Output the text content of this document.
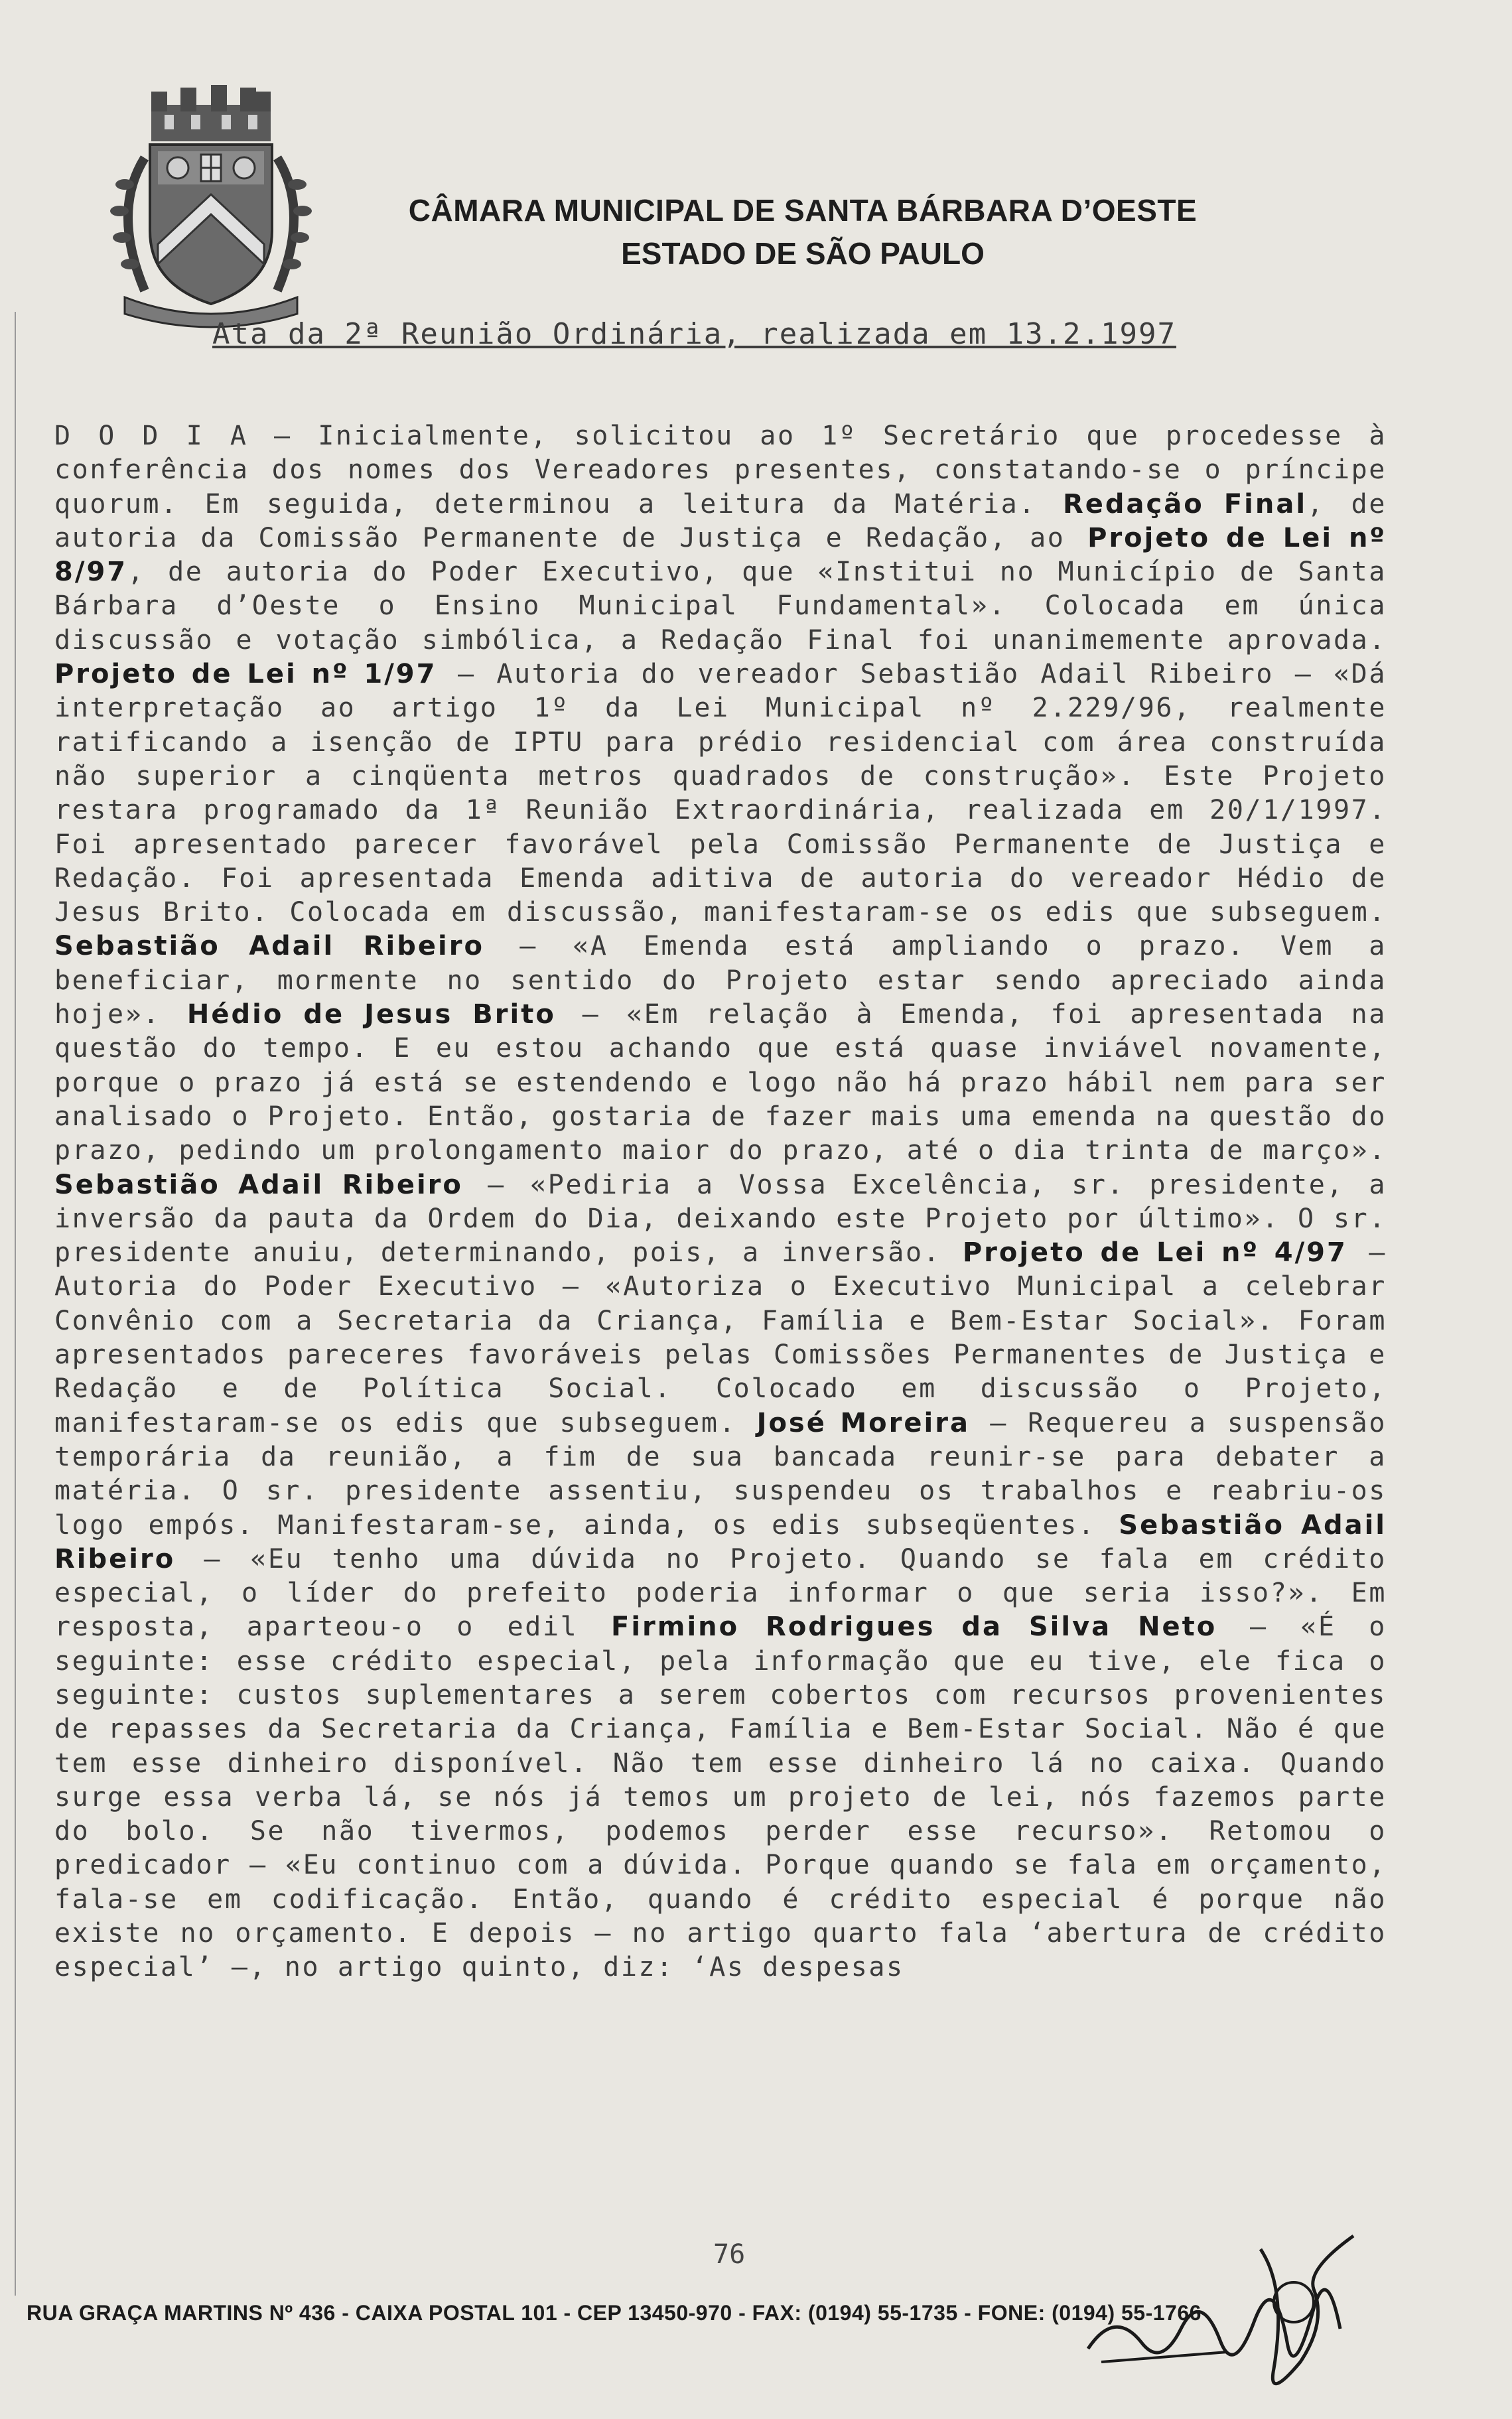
CÂMARA MUNICIPAL DE SANTA BÁRBARA D’OESTE
ESTADO DE SÃO PAULO
Ata da 2ª Reunião Ordinária, realizada em 13.2.1997
D O D I A – Inicialmente, solicitou ao 1º Secretário que procedesse à conferência dos nomes dos Vereadores presentes, constatando-se o príncipe quorum. Em seguida, determinou a leitura da Matéria. Redação Final, de autoria da Comissão Permanente de Justiça e Redação, ao Projeto de Lei nº 8/97, de autoria do Poder Executivo, que «Institui no Município de Santa Bárbara d’Oeste o Ensino Municipal Fundamental». Colocada em única discussão e votação simbólica, a Redação Final foi unanimemente aprovada. Projeto de Lei nº 1/97 – Autoria do vereador Sebastião Adail Ribeiro – «Dá interpretação ao artigo 1º da Lei Municipal nº 2.229/96, realmente ratificando a isenção de IPTU para prédio residencial com área construída não superior a cinqüenta metros quadrados de construção». Este Projeto restara programado da 1ª Reunião Extraordinária, realizada em 20/1/1997. Foi apresentado parecer favorável pela Comissão Permanente de Justiça e Redação. Foi apresentada Emenda aditiva de autoria do vereador Hédio de Jesus Brito. Colocada em discussão, manifestaram-se os edis que subseguem. Sebastião Adail Ribeiro – «A Emenda está ampliando o prazo. Vem a beneficiar, mormente no sentido do Projeto estar sendo apreciado ainda hoje». Hédio de Jesus Brito – «Em relação à Emenda, foi apresentada na questão do tempo. E eu estou achando que está quase inviável novamente, porque o prazo já está se estendendo e logo não há prazo hábil nem para ser analisado o Projeto. Então, gostaria de fazer mais uma emenda na questão do prazo, pedindo um prolongamento maior do prazo, até o dia trinta de março». Sebastião Adail Ribeiro – «Pediria a Vossa Excelência, sr. presidente, a inversão da pauta da Ordem do Dia, deixando este Projeto por último». O sr. presidente anuiu, determinando, pois, a inversão. Projeto de Lei nº 4/97 – Autoria do Poder Executivo – «Autoriza o Executivo Municipal a celebrar Convênio com a Secretaria da Criança, Família e Bem-Estar Social». Foram apresentados pareceres favoráveis pelas Comissões Permanentes de Justiça e Redação e de Política Social. Colocado em discussão o Projeto, manifestaram-se os edis que subseguem. José Moreira – Requereu a suspensão temporária da reunião, a fim de sua bancada reunir-se para debater a matéria. O sr. presidente assentiu, suspendeu os trabalhos e reabriu-os logo empós. Manifestaram-se, ainda, os edis subseqüentes. Sebastião Adail Ribeiro – «Eu tenho uma dúvida no Projeto. Quando se fala em crédito especial, o líder do prefeito poderia informar o que seria isso?». Em resposta, aparteou-o o edil Firmino Rodrigues da Silva Neto – «É o seguinte: esse crédito especial, pela informação que eu tive, ele fica o seguinte: custos suplementares a serem cobertos com recursos provenientes de repasses da Secretaria da Criança, Família e Bem-Estar Social. Não é que tem esse dinheiro disponível. Não tem esse dinheiro lá no caixa. Quando surge essa verba lá, se nós já temos um projeto de lei, nós fazemos parte do bolo. Se não tivermos, podemos perder esse recurso». Retomou o predicador – «Eu continuo com a dúvida. Porque quando se fala em orçamento, fala-se em codificação. Então, quando é crédito especial é porque não existe no orçamento. E depois – no artigo quarto fala ‘abertura de crédito especial’ –, no artigo quinto, diz: ‘As despesas
76
RUA GRAÇA MARTINS Nº 436 - CAIXA POSTAL 101 - CEP 13450-970 - FAX: (0194) 55-1735 - FONE: (0194) 55-1766
